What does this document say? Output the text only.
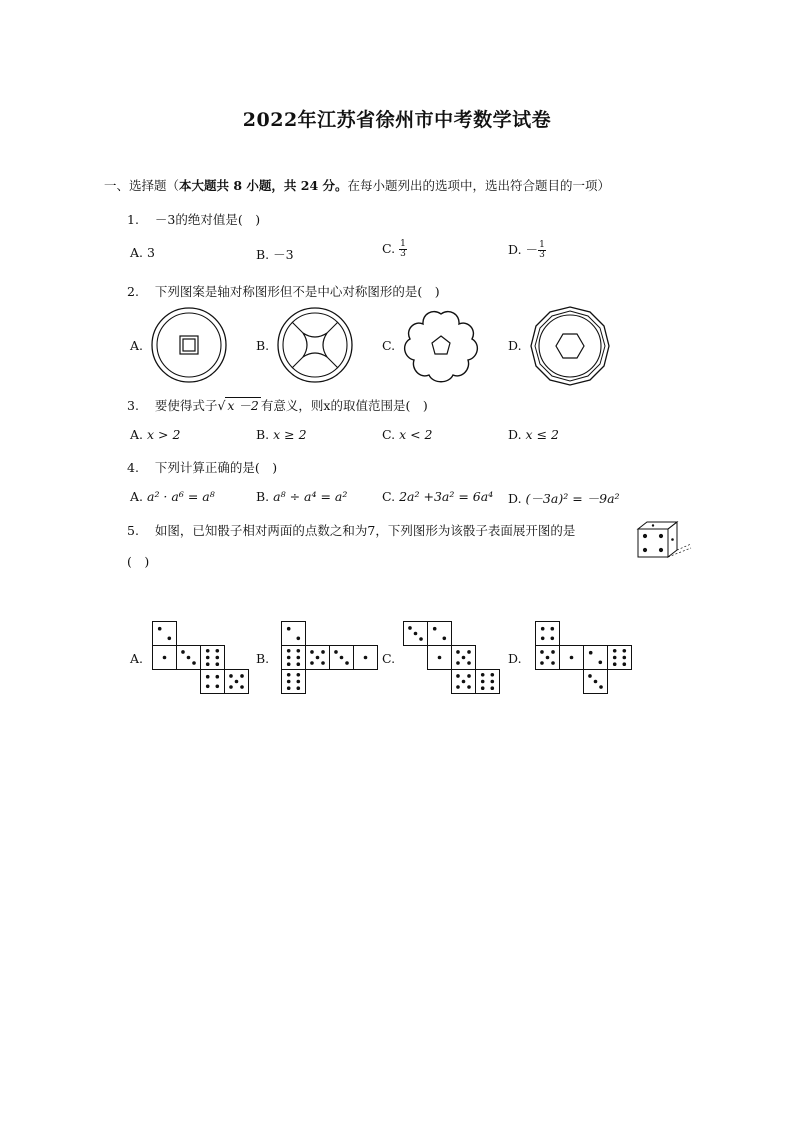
2022年江苏省徐州市中考数学试卷
一、选择题（本大题共 8 小题，共 24 分。在每小题列出的选项中，选出符合题目的一项）
1. －3的绝对值是(　)
A. 3	B. －3	C. $\frac{1}{3}$	D. － $\frac{1}{3}$
2. 下列图案是轴对称图形但不是中心对称图形的是(　)
A.	B.	C.	D.
3. 要使得式子√ x －2 有意义，则x的取值范围是(　)
A. x > 2	B. x ≥ 2	C. x < 2	D. x ≤ 2
4. 下列计算正确的是(　)
A. a² · a⁶ = a⁸	B. a⁸ ÷ a⁴ = a²	C. 2a² +3a² = 6a⁴ D. (－3a)² = －9a²
5. 如图，已知骰子相对两面的点数之和为7，下列图形为该骰子表面展开图的是
(　)
A.	B.	C.	D.
